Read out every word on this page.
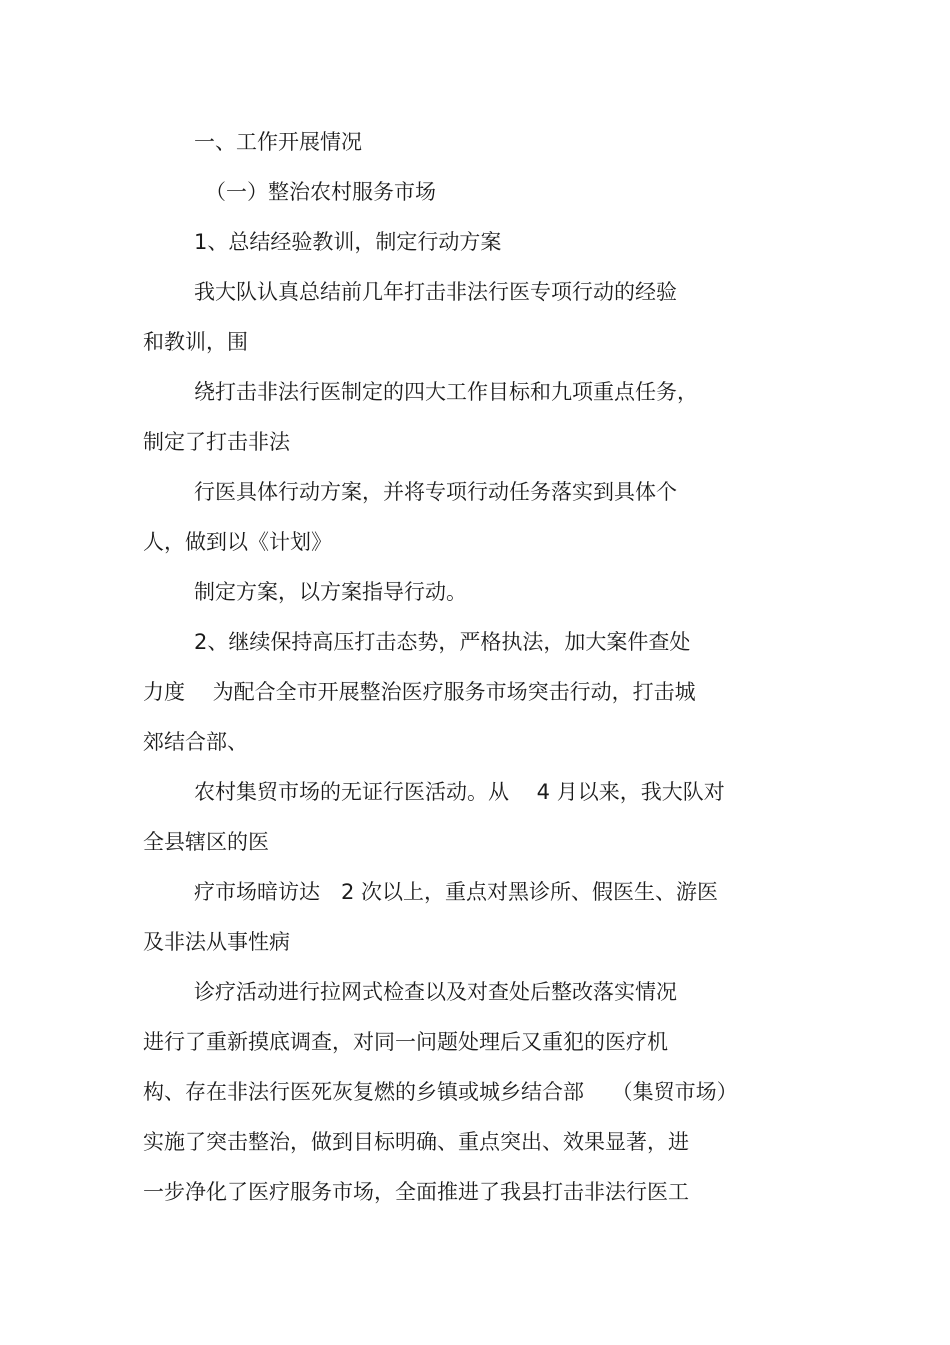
一、工作开展情况
（一）整治农村服务市场
1、总结经验教训，制定行动方案
我大队认真总结前几年打击非法行医专项行动的经验
和教训，围
绕打击非法行医制定的四大工作目标和九项重点任务，
制定了打击非法
行医具体行动方案，并将专项行动任务落实到具体个
人，做到以《计划》
制定方案，以方案指导行动。
2、继续保持高压打击态势，严格执法，加大案件查处
力度　 为配合全市开展整治医疗服务市场突击行动，打击城
郊结合部、
农村集贸市场的无证行医活动。从　 4 月以来，我大队对
全县辖区的医
疗市场暗访达　2 次以上，重点对黑诊所、假医生、游医
及非法从事性病
诊疗活动进行拉网式检查以及对查处后整改落实情况
进行了重新摸底调查，对同一问题处理后又重犯的医疗机
构、存在非法行医死灰复燃的乡镇或城乡结合部　 （集贸市场）
实施了突击整治，做到目标明确、重点突出、效果显著，进
一步净化了医疗服务市场，全面推进了我县打击非法行医工
